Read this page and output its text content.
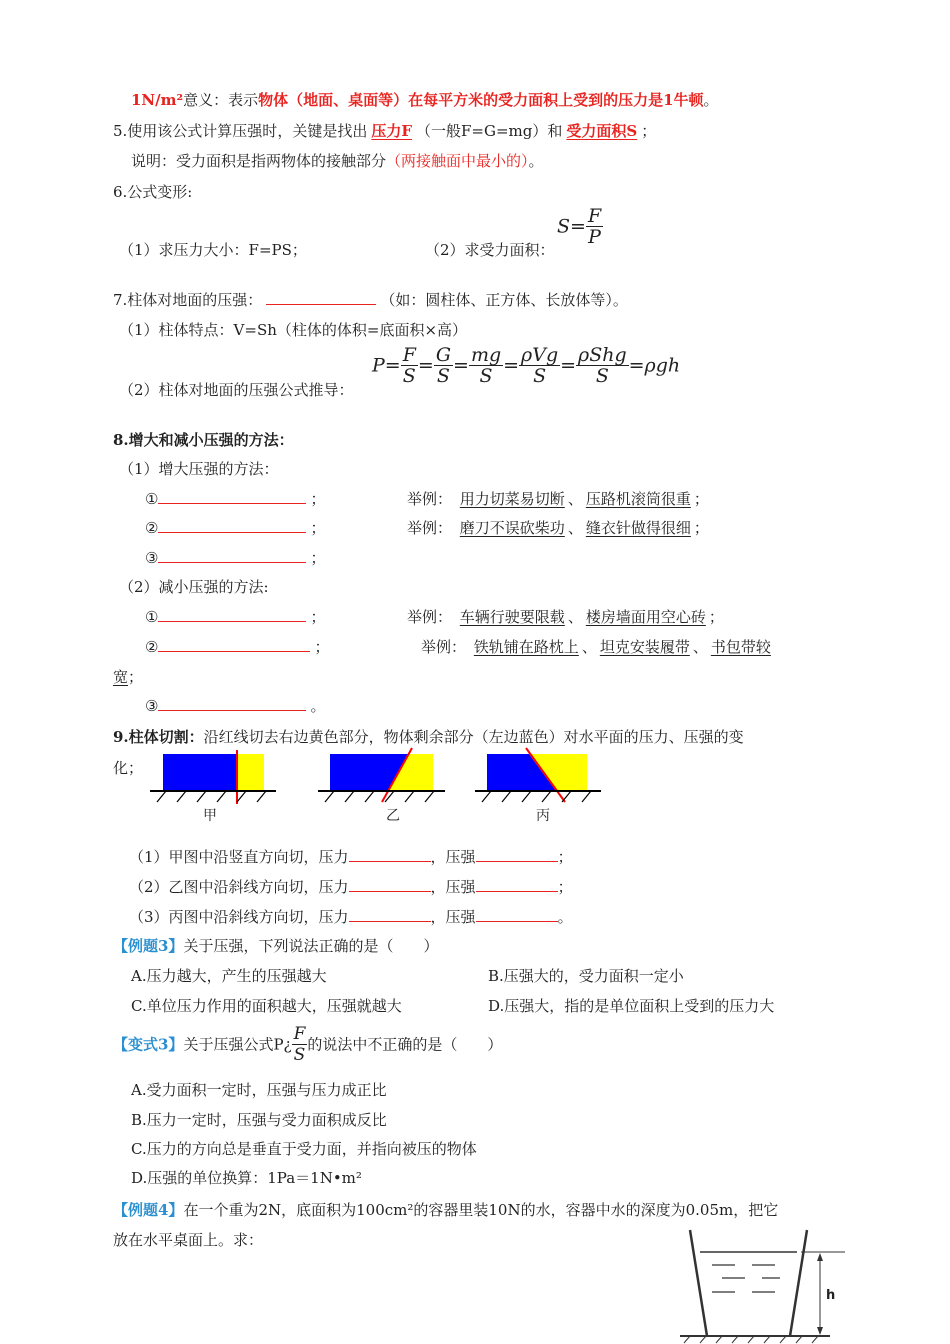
1N/m²意义：表示物体（地面、桌面等）在每平方米的受力面积上受到的压力是1牛顿。
5.使用该公式计算压强时，关键是找出 压力F （一般F=G=mg）和 受力面积S ；
说明：受力面积是指两物体的接触部分（两接触面中最小的）。
6.公式变形:
$S= \frac{F}{P}$
（1）求压力大小：F=PS；	（2）求受力面积：
7.柱体对地面的压强：	（如：圆柱体、正方体、长放体等）。
（1）柱体特点：V=Sh（柱体的体积=底面积×高）
（2）柱体对地面的压强公式推导：
$P= \frac{F}{S} = \frac{G}{S} = \frac{mg}{S} = \frac{\text{ρVg}}{S} = \frac{\text{ρShg}}{S} =\rho gh$
8.增大和减小压强的方法：
（1）增大压强的方法：
①	；	举例： 用力切菜易切断 、 压路机滚筒很重 ；
②	；	举例： 磨刀不误砍柴功 、 缝衣针做得很细 ；
③	；
（2）减小压强的方法:
①	；	举例： 车辆行驶要限载 、 楼房墙面用空心砖 ；
②	；	举例： 铁轨铺在路枕上 、 坦克安装履带 、 书包带较
宽；
③	。
9.柱体切割：沿红线切去右边黄色部分，物体剩余部分（左边蓝色）对水平面的压力、压强的变
化；
甲	乙	丙
（1）甲图中沿竖直方向切，压力	，压强	；
（2）乙图中沿斜线方向切，压力	，压强	；
（3）丙图中沿斜线方向切，压力	，压强	。
【例题3】关于压强，下列说法正确的是（　　）
A.压力越大，产生的压强越大	B.压强大的，受力面积一定小
C.单位压力作用的面积越大，压强就越大	D.压强大，指的是单位面积上受到的压力大
【变式3】关于压强公式P¿ $\frac{F}{S}$ 的说法中不正确的是（　　）
A.受力面积一定时，压强与压力成正比
B.压力一定时，压强与受力面积成反比
C.压力的方向总是垂直于受力面，并指向被压的物体
D.压强的单位换算：1Pa＝1N•m²
【例题4】在一个重为2N，底面积为100cm²的容器里装10N的水，容器中水的深度为0.05m，把它
放在水平桌面上。求：
h
